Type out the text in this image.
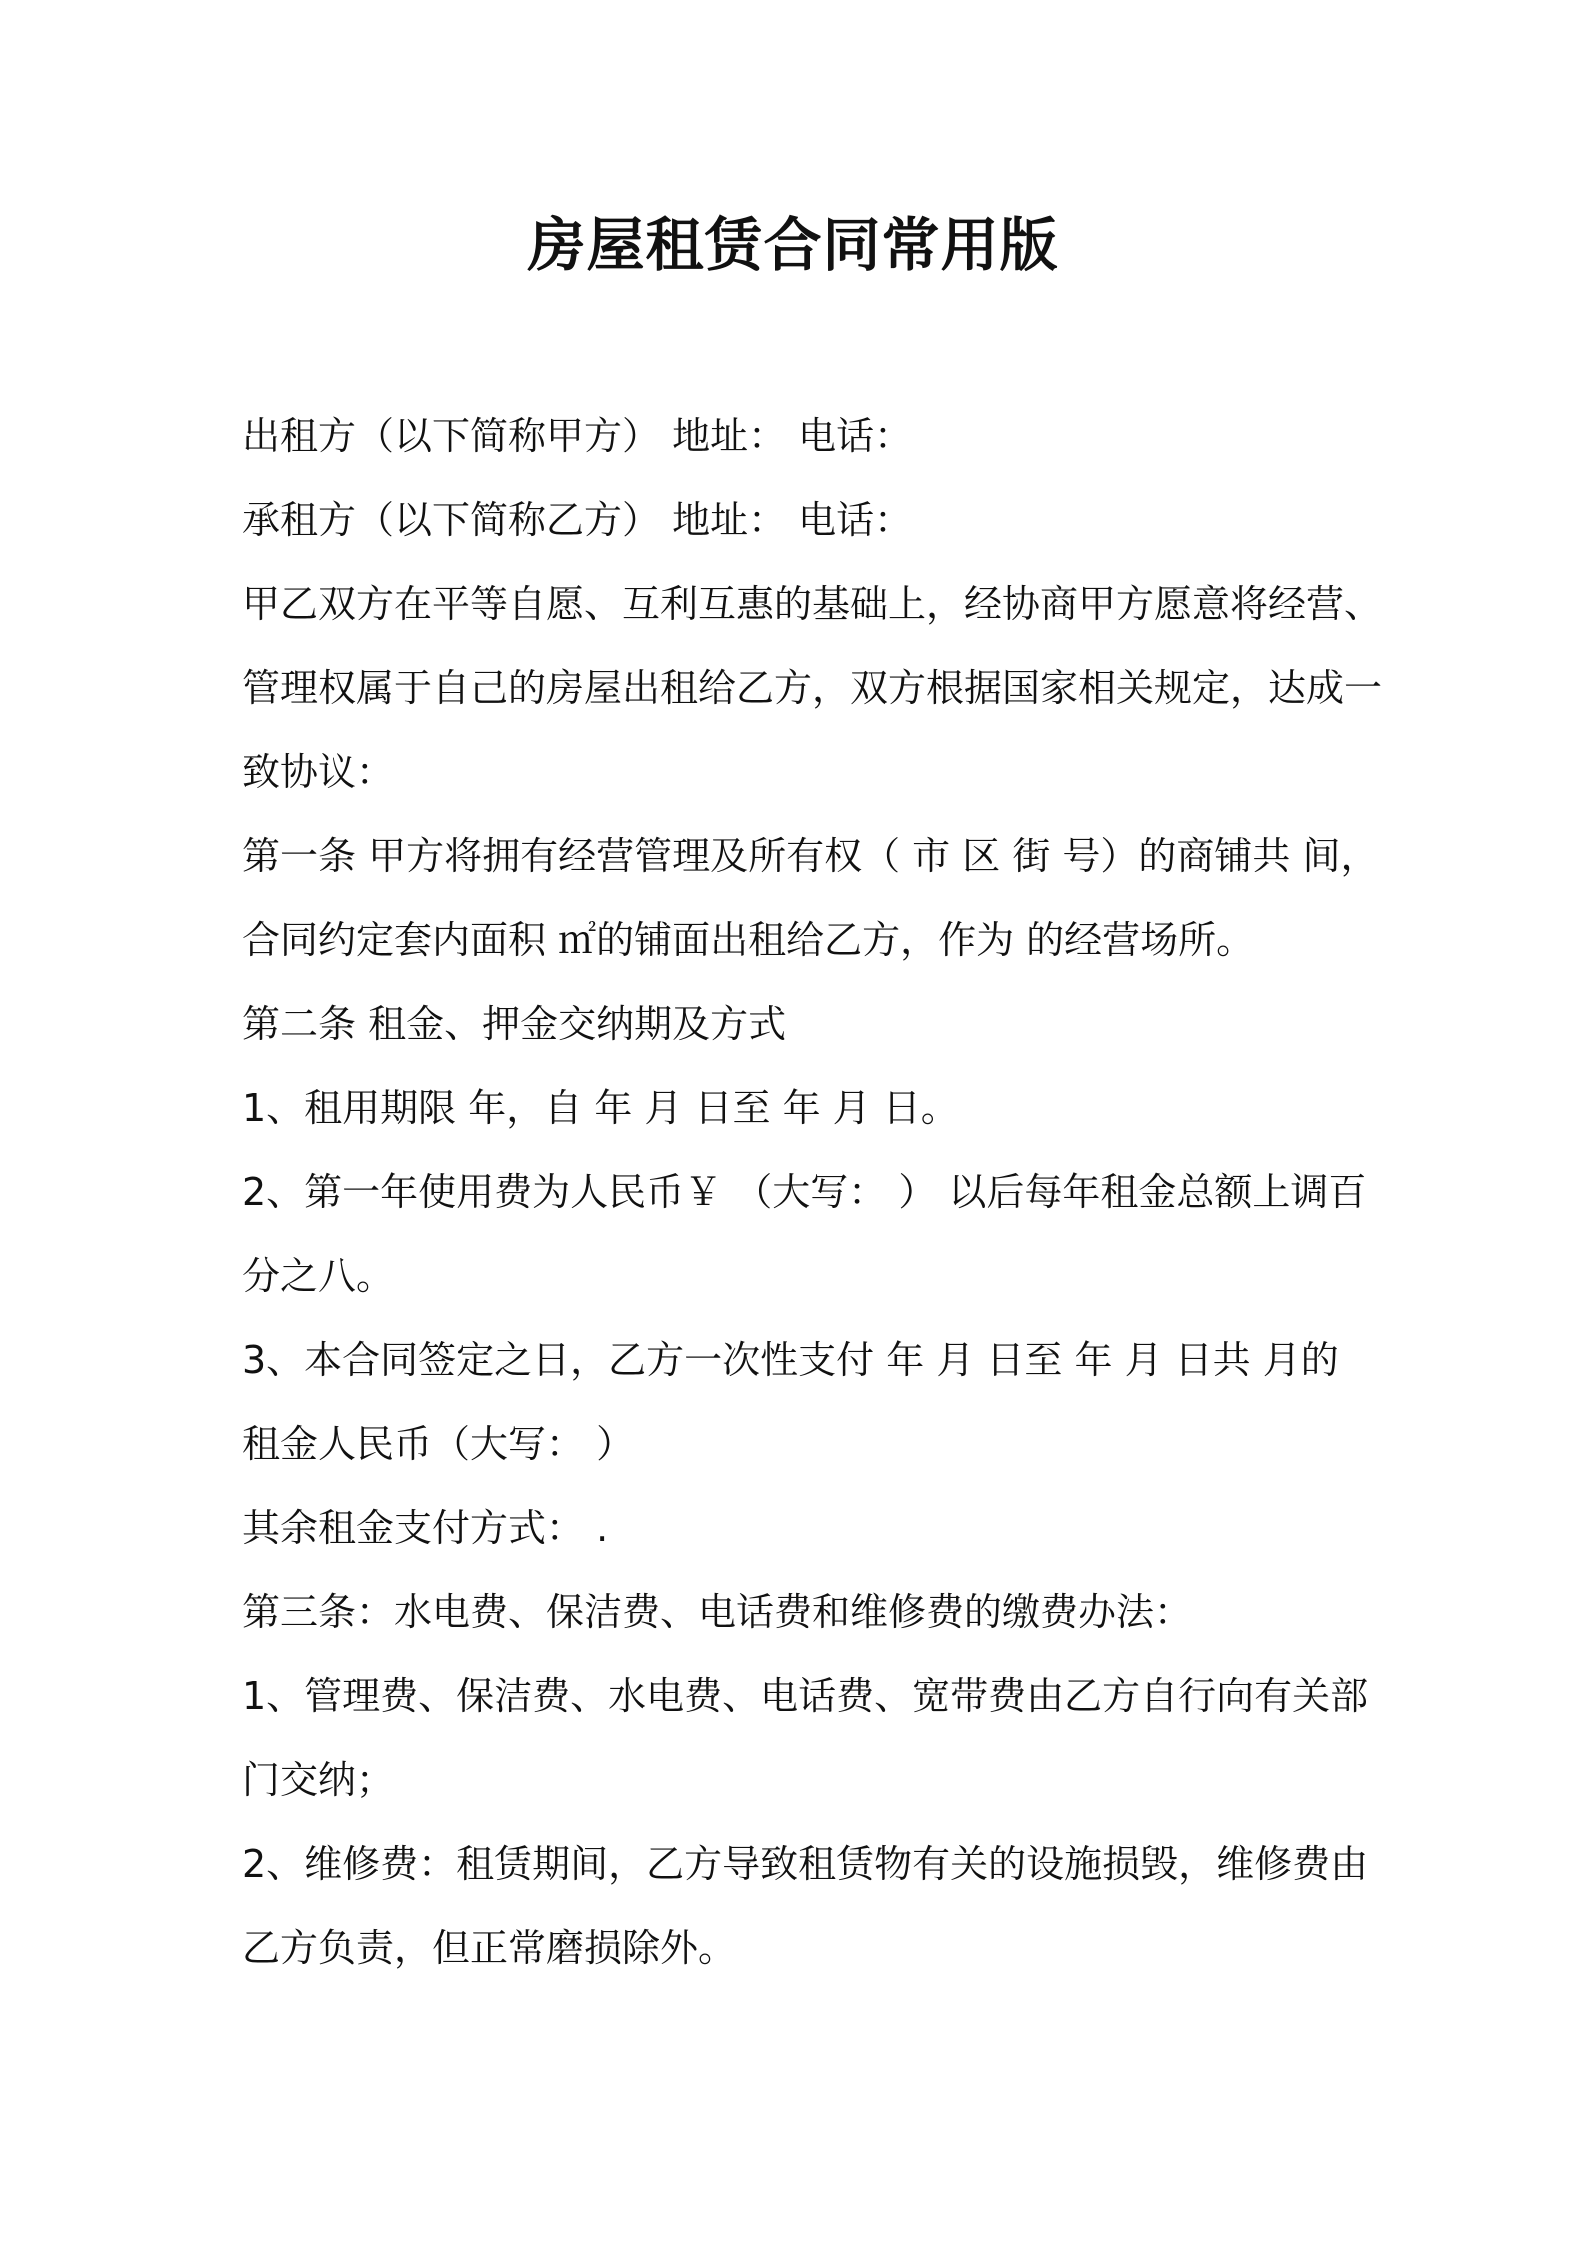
房屋租赁合同常用版
出租方（以下简称甲方） 地址： 电话：
承租方（以下简称乙方） 地址： 电话：
甲乙双方在平等自愿、互利互惠的基础上，经协商甲方愿意将经营、
管理权属于自己的房屋出租给乙方，双方根据国家相关规定，达成一
致协议：
第一条 甲方将拥有经营管理及所有权（ 市 区 街 号）的商铺共 间，
合同约定套内面积 ㎡的铺面出租给乙方，作为 的经营场所。
第二条 租金、押金交纳期及方式
1、租用期限 年，自 年 月 日至 年 月 日。
2、第一年使用费为人民币￥ （大写： ） 以后每年租金总额上调百
分之八。
3、本合同签定之日，乙方一次性支付 年 月 日至 年 月 日共 月的
租金人民币（大写： ）
其余租金支付方式： .
第三条：水电费、保洁费、电话费和维修费的缴费办法：
1、管理费、保洁费、水电费、电话费、宽带费由乙方自行向有关部
门交纳；
2、维修费：租赁期间，乙方导致租赁物有关的设施损毁，维修费由
乙方负责，但正常磨损除外。
